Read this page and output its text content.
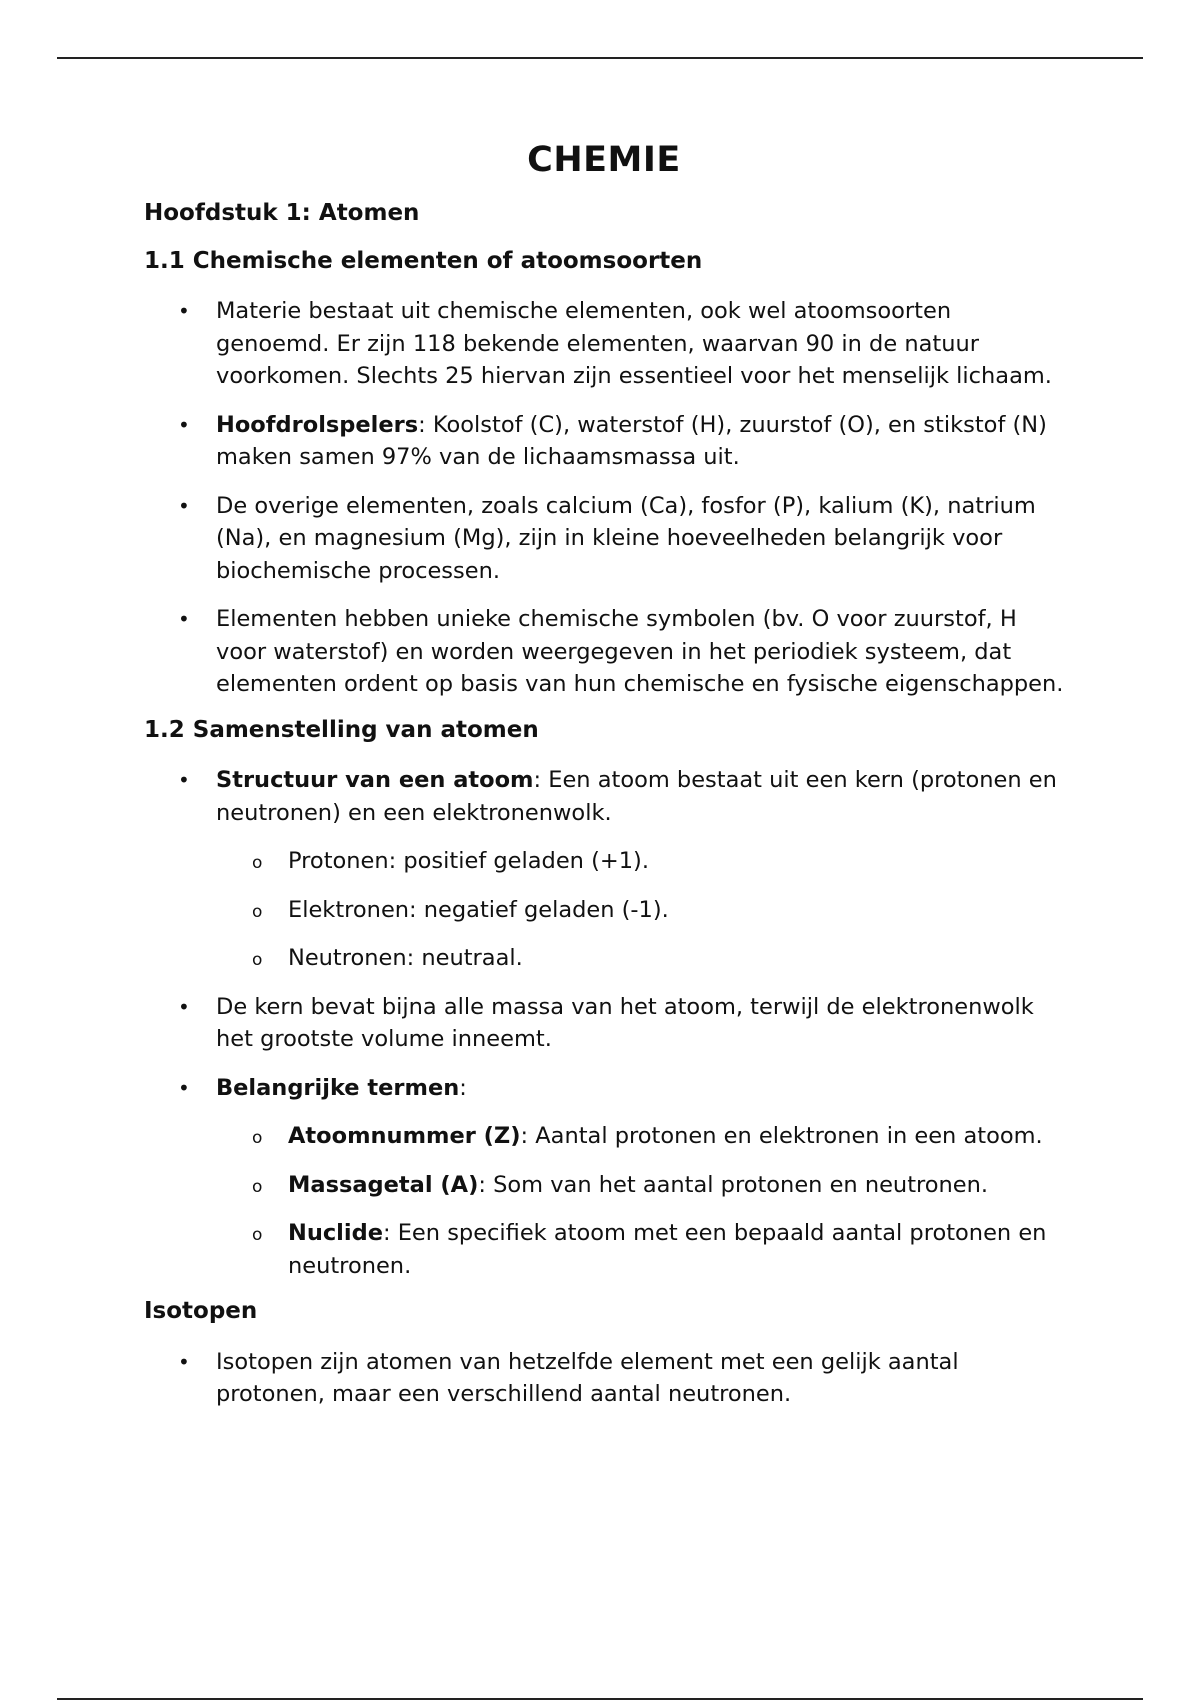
CHEMIE
Hoofdstuk 1: Atomen
1.1 Chemische elementen of atoomsoorten
• Materie bestaat uit chemische elementen, ook wel atoomsoorten genoemd. Er zijn 118 bekende elementen, waarvan 90 in de natuur voorkomen. Slechts 25 hiervan zijn essentieel voor het menselijk lichaam.
• Hoofdrolspelers: Koolstof (C), waterstof (H), zuurstof (O), en stikstof (N) maken samen 97% van de lichaamsmassa uit.
• De overige elementen, zoals calcium (Ca), fosfor (P), kalium (K), natrium (Na), en magnesium (Mg), zijn in kleine hoeveelheden belangrijk voor biochemische processen.
• Elementen hebben unieke chemische symbolen (bv. O voor zuurstof, H voor waterstof) en worden weergegeven in het periodiek systeem, dat elementen ordent op basis van hun chemische en fysische eigenschappen.
1.2 Samenstelling van atomen
• Structuur van een atoom: Een atoom bestaat uit een kern (protonen en neutronen) en een elektronenwolk.
o Protonen: positief geladen (+1).
o Elektronen: negatief geladen (-1).
o Neutronen: neutraal.
• De kern bevat bijna alle massa van het atoom, terwijl de elektronenwolk het grootste volume inneemt.
• Belangrijke termen:
o Atoomnummer (Z): Aantal protonen en elektronen in een atoom.
o Massagetal (A): Som van het aantal protonen en neutronen.
o Nuclide: Een specifiek atoom met een bepaald aantal protonen en neutronen.
Isotopen
• Isotopen zijn atomen van hetzelfde element met een gelijk aantal protonen, maar een verschillend aantal neutronen.
